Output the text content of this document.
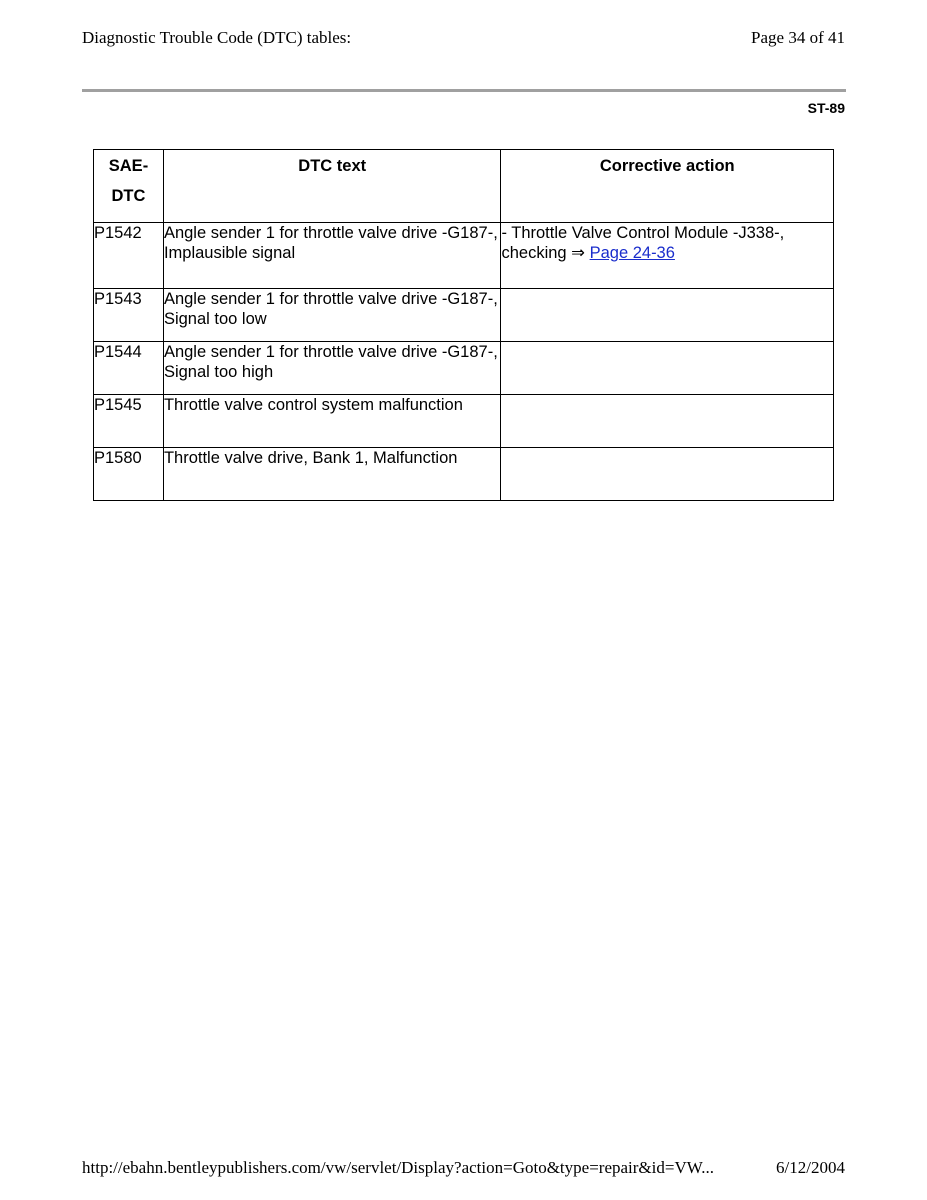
Diagnostic Trouble Code (DTC) tables:	Page 34 of 41
ST-89
SAE-
DTC	DTC text	Corrective action
P1542	Angle sender 1 for throttle valve drive -G187-, Implausible signal	- Throttle Valve Control Module -J338-, checking ⇒ Page 24-36
P1543	Angle sender 1 for throttle valve drive -G187-, Signal too low	
P1544	Angle sender 1 for throttle valve drive -G187-, Signal too high	
P1545	Throttle valve control system malfunction	
P1580	Throttle valve drive, Bank 1, Malfunction	
http://ebahn.bentleypublishers.com/vw/servlet/Display?action=Goto&type=repair&id=VW...	6/12/2004
